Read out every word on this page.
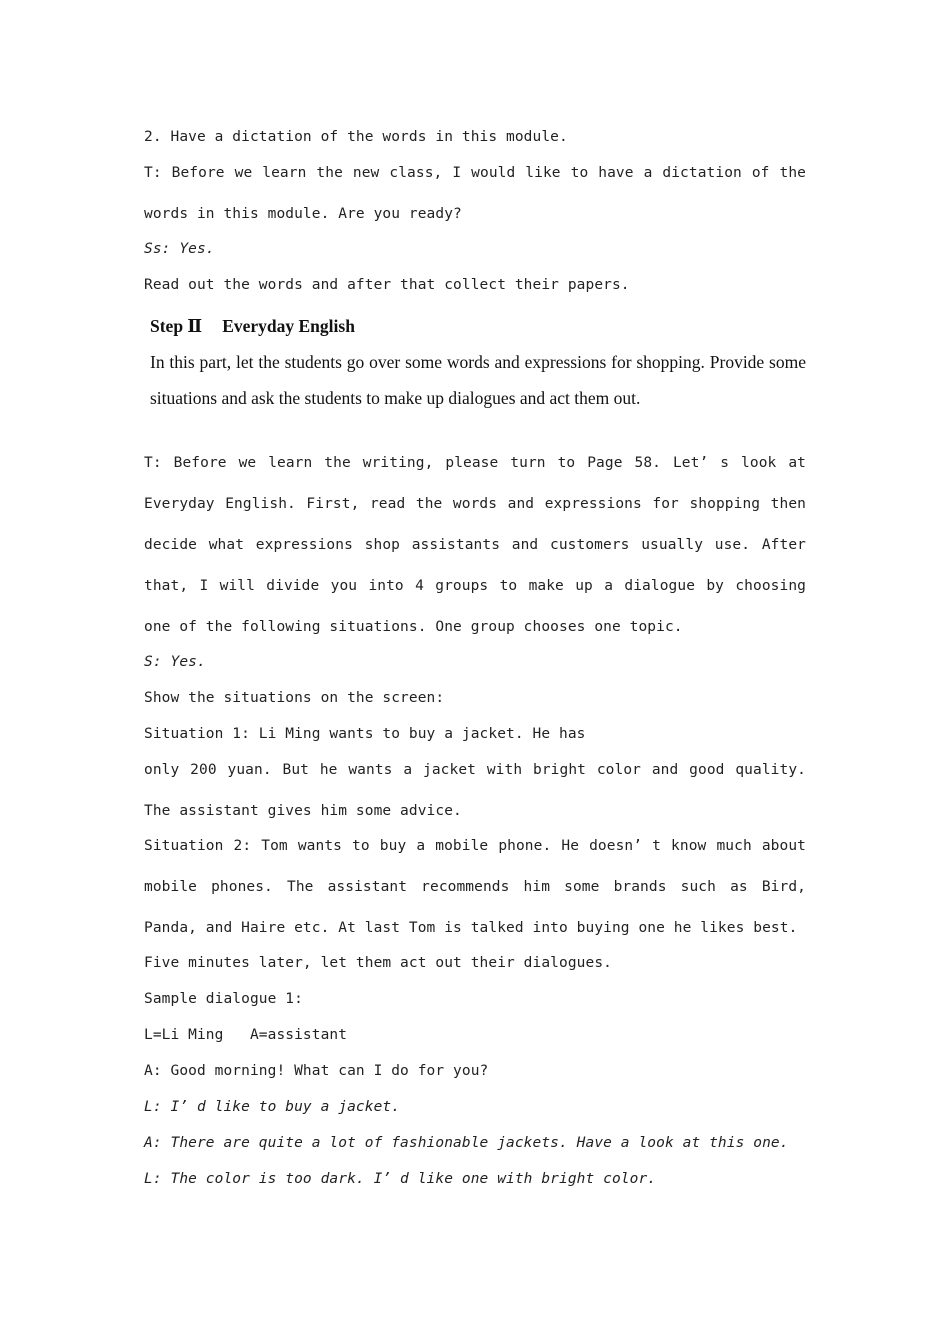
2. Have a dictation of the words in this module.
T: Before we learn the new class, I would like to have a dictation of the words in this module. Are you ready?
Ss: Yes.
Read out the words and after that collect their papers.
Step Ⅱ Everyday English
In this part, let the students go over some words and expressions for shopping. Provide some situations and ask the students to make up dialogues and act them out.
T: Before we learn the writing, please turn to Page 58. Let’ s look at Everyday English. First, read the words and expressions for shopping then decide what expressions shop assistants and customers usually use. After that, I will divide you into 4 groups to make up a dialogue by choosing one of the following situations. One group chooses one topic.
S: Yes.
Show the situations on the screen:
Situation 1: Li Ming wants to buy a jacket. He has
only 200 yuan. But he wants a jacket with bright color and good quality. The assistant gives him some advice.
Situation 2: Tom wants to buy a mobile phone. He doesn’ t know much about mobile phones. The assistant recommends him some brands such as Bird, Panda, and Haire etc. At last Tom is talked into buying one he likes best.
Five minutes later, let them act out their dialogues.
Sample dialogue 1:
L=Li Ming   A=assistant
A: Good morning! What can I do for you?
L: I’ d like to buy a jacket.
A: There are quite a lot of fashionable jackets. Have a look at this one.
L: The color is too dark. I’ d like one with bright color.
